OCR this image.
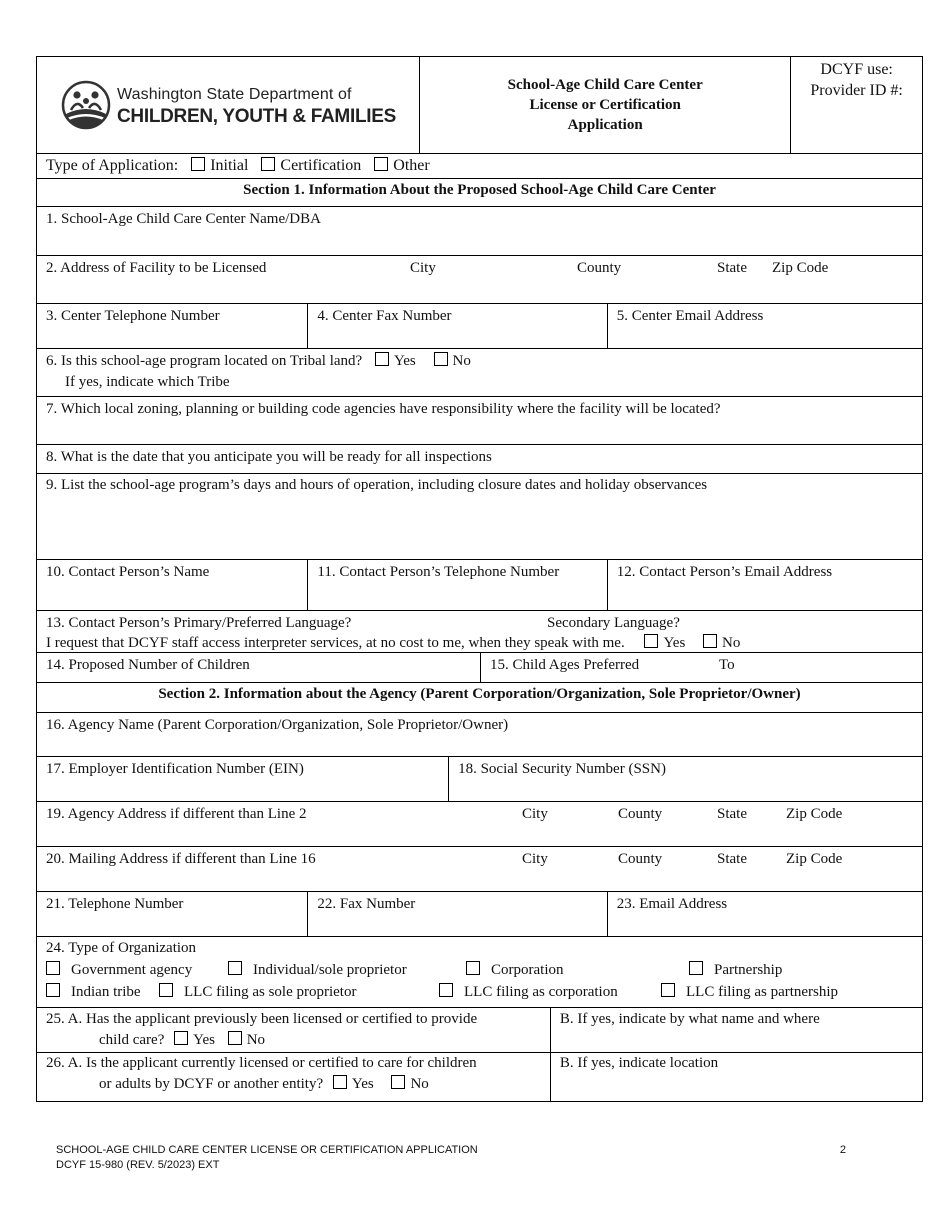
Washington State Department of
CHILDREN, YOUTH & FAMILIES
School-Age Child Care Center
License or Certification
Application
DCYF use:
Provider ID #:
Type of Application: Initial Certification Other
Section 1. Information About the Proposed School-Age Child Care Center
1. School-Age Child Care Center Name/DBA
2. Address of Facility to be Licensed	City	County	State Zip Code
3. Center Telephone Number	4. Center Fax Number	5. Center Email Address
6. Is this school-age program located on Tribal land? Yes No
If yes, indicate which Tribe
7. Which local zoning, planning or building code agencies have responsibility where the facility will be located?
8. What is the date that you anticipate you will be ready for all inspections
9. List the school-age program’s days and hours of operation, including closure dates and holiday observances
10. Contact Person’s Name	11. Contact Person’s Telephone Number	12. Contact Person’s Email Address
13. Contact Person’s Primary/Preferred Language?	Secondary Language?
I request that DCYF staff access interpreter services, at no cost to me, when they speak with me.	Yes No
14. Proposed Number of Children	15. Child Ages Preferred	To
Section 2. Information about the Agency (Parent Corporation/Organization, Sole Proprietor/Owner)
16. Agency Name (Parent Corporation/Organization, Sole Proprietor/Owner)
17. Employer Identification Number (EIN)	18. Social Security Number (SSN)
19. Agency Address if different than Line 2	City	County	State	Zip Code
20. Mailing Address if different than Line 16	City	County	State	Zip Code
21. Telephone Number	22. Fax Number	23. Email Address
24. Type of Organization
Government agency	Individual/sole proprietor	Corporation	Partnership
Indian tribe	LLC filing as sole proprietor	LLC filing as corporation	LLC filing as partnership
25. A. Has the applicant previously been licensed or certified to provide
child care? Yes No
B. If yes, indicate by what name and where
26. A. Is the applicant currently licensed or certified to care for children
or adults by DCYF or another entity? Yes No
B. If yes, indicate location
SCHOOL-AGE CHILD CARE CENTER LICENSE OR CERTIFICATION APPLICATION
DCYF 15-980 (REV. 5/2023) EXT
2
